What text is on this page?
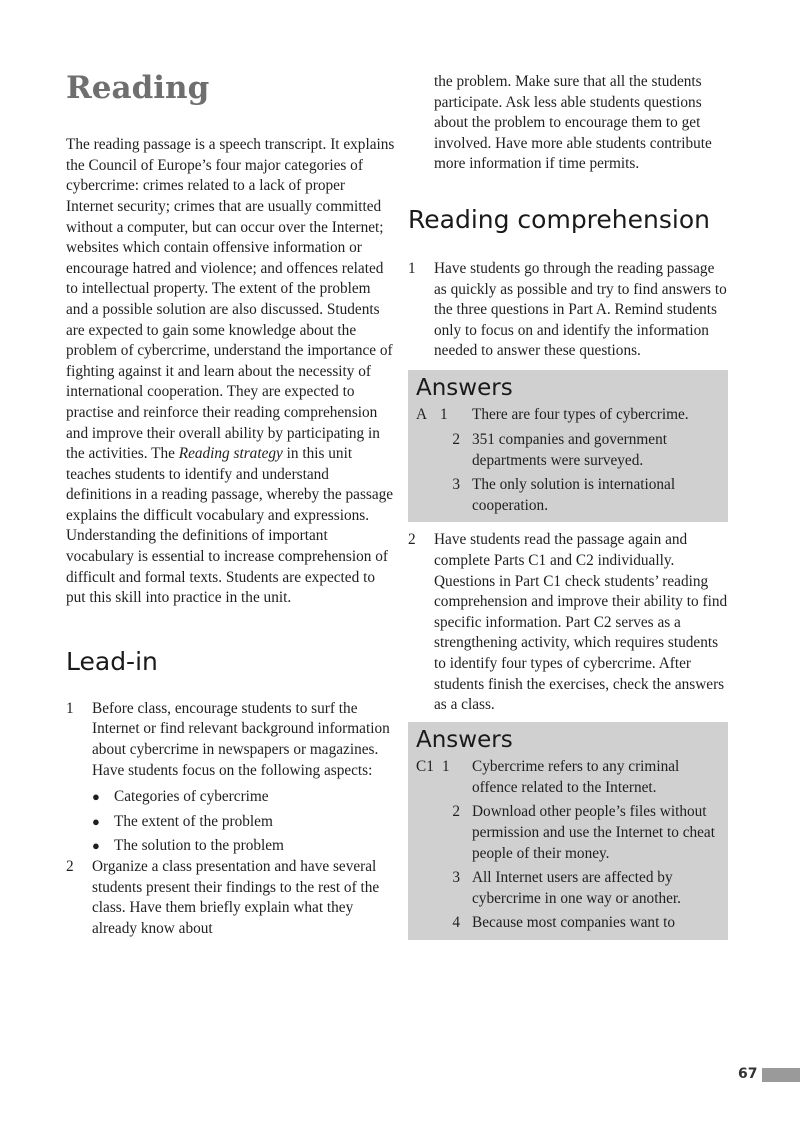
Reading

The reading passage is a speech transcript. It explains the Council of Europe’s four major categories of cybercrime: crimes related to a lack of proper Internet security; crimes that are usually committed without a computer, but can occur over the Internet; websites which contain offensive information or encourage hatred and violence; and offences related to intellectual property. The extent of the problem and a possible solution are also discussed. Students are expected to gain some knowledge about the problem of cybercrime, understand the importance of fighting against it and learn about the necessity of international cooperation. They are expected to practise and reinforce their reading comprehension and improve their overall ability by participating in the activities. The Reading strategy in this unit teaches students to identify and understand definitions in a reading passage, whereby the passage explains the difficult vocabulary and expressions. Understanding the definitions of important vocabulary is essential to increase comprehension of difficult and formal texts. Students are expected to put this skill into practice in the unit.

Lead-in
1	Before class, encourage students to surf the Internet or find relevant background information about cybercrime in newspapers or magazines. Have students focus on the following aspects:
● Categories of cybercrime
● The extent of the problem
● The solution to the problem
2	Organize a class presentation and have several students present their findings to the rest of the class. Have them briefly explain what they already know about

the problem. Make sure that all the students participate. Ask less able students questions about the problem to encourage them to get involved. Have more able students contribute more information if time permits.

Reading comprehension
1	Have students go through the reading passage as quickly as possible and try to find answers to the three questions in Part A. Remind students only to focus on and identify the information needed to answer these questions.
Answers
A 1	There are four types of cybercrime.
2 351 companies and government departments were surveyed.
3 The only solution is international cooperation.
2	Have students read the passage again and complete Parts C1 and C2 individually. Questions in Part C1 check students’ reading comprehension and improve their ability to find specific information. Part C2 serves as a strengthening activity, which requires students to identify four types of cybercrime. After students finish the exercises, check the answers as a class.
Answers
C1 1	Cybercrime refers to any criminal offence related to the Internet.
2 Download other people’s files without permission and use the Internet to cheat people of their money.
3 All Internet users are affected by cybercrime in one way or another.
4 Because most companies want to
67
